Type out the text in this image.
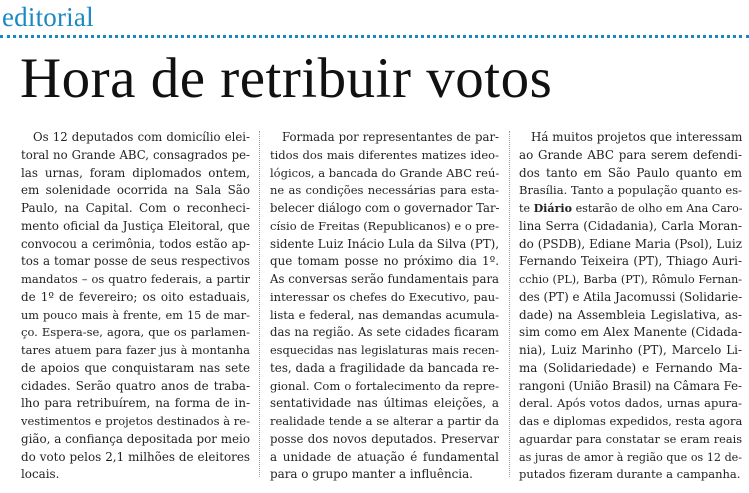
editorial
Hora de retribuir votos
Os 12 deputados com domicílio elei-
toral no Grande ABC, consagrados pe-
las urnas, foram diplomados ontem,
em solenidade ocorrida na Sala São
Paulo, na Capital. Com o reconheci-
mento oficial da Justiça Eleitoral, que
convocou a cerimônia, todos estão ap-
tos a tomar posse de seus respectivos
mandatos – os quatro federais, a partir
de 1º de fevereiro; os oito estaduais,
um pouco mais à frente, em 15 de mar-
ço. Espera-se, agora, que os parlamen-
tares atuem para fazer jus à montanha
de apoios que conquistaram nas sete
cidades. Serão quatro anos de traba-
lho para retribuírem, na forma de in-
vestimentos e projetos destinados à re-
gião, a confiança depositada por meio
do voto pelos 2,1 milhões de eleitores
locais.
Formada por representantes de par-
tidos dos mais diferentes matizes ideo-
lógicos, a bancada do Grande ABC reú-
ne as condições necessárias para esta-
belecer diálogo com o governador Tar-
císio de Freitas (Republicanos) e o pre-
sidente Luiz Inácio Lula da Silva (PT),
que tomam posse no próximo dia 1º.
As conversas serão fundamentais para
interessar os chefes do Executivo, pau-
lista e federal, nas demandas acumula-
das na região. As sete cidades ficaram
esquecidas nas legislaturas mais recen-
tes, dada a fragilidade da bancada re-
gional. Com o fortalecimento da repre-
sentatividade nas últimas eleições, a
realidade tende a se alterar a partir da
posse dos novos deputados. Preservar
a unidade de atuação é fundamental
para o grupo manter a influência.
Há muitos projetos que interessam
ao Grande ABC para serem defendi-
dos tanto em São Paulo quanto em
Brasília. Tanto a população quanto es-
te Diário estarão de olho em Ana Caro-
lina Serra (Cidadania), Carla Moran-
do (PSDB), Ediane Maria (Psol), Luiz
Fernando Teixeira (PT), Thiago Auri-
cchio (PL), Barba (PT), Rômulo Fernan-
des (PT) e Atila Jacomussi (Solidarie-
dade) na Assembleia Legislativa, as-
sim como em Alex Manente (Cidada-
nia), Luiz Marinho (PT), Marcelo Li-
ma (Solidariedade) e Fernando Ma-
rangoni (União Brasil) na Câmara Fe-
deral. Após votos dados, urnas apura-
das e diplomas expedidos, resta agora
aguardar para constatar se eram reais
as juras de amor à região que os 12 de-
putados fizeram durante a campanha.
